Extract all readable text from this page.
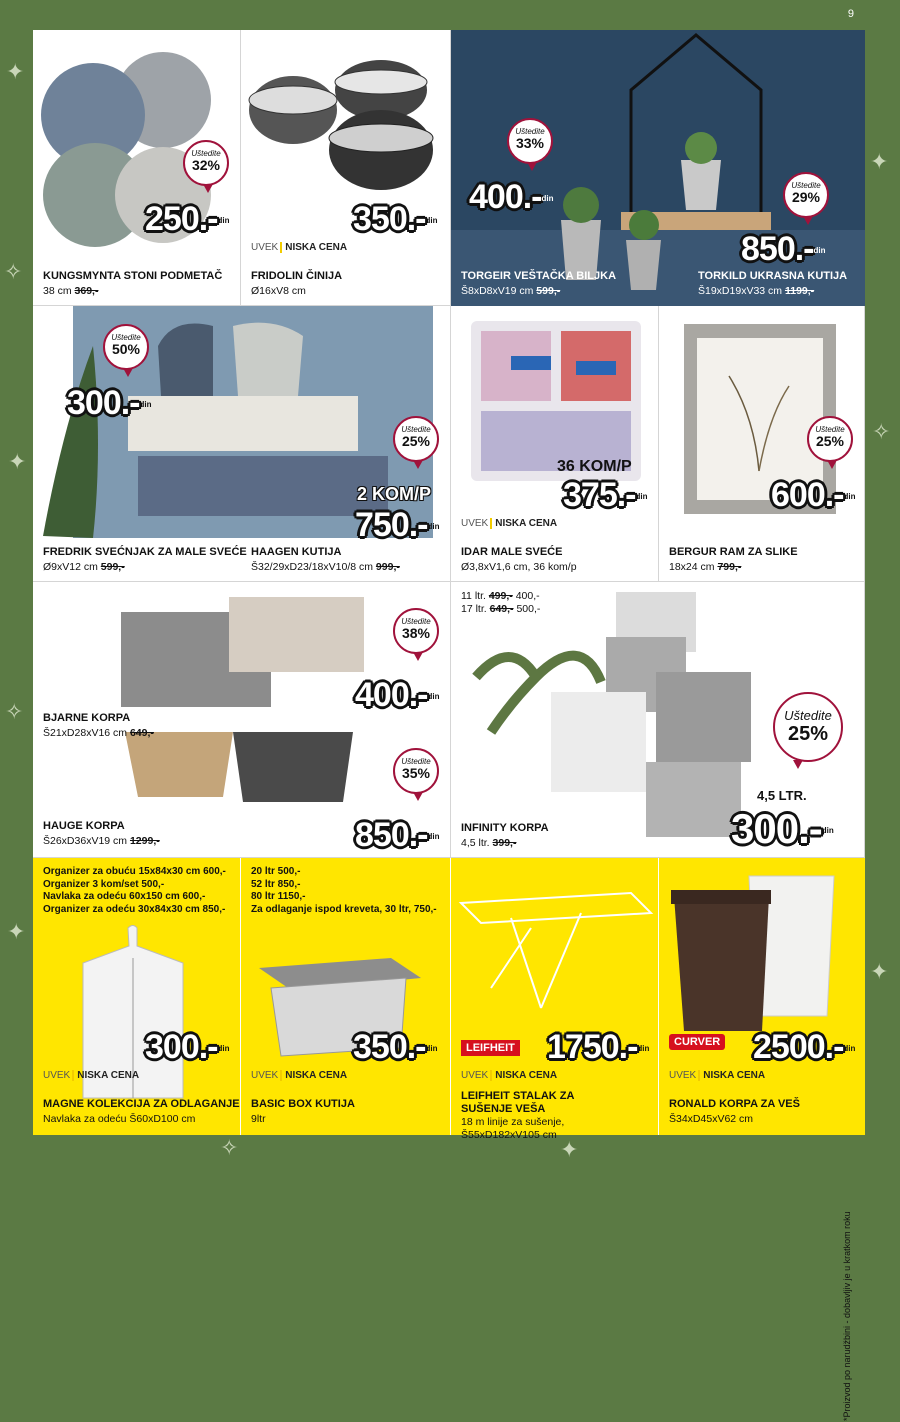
✦
✧
✦
✧
✦
✦
✧
✦
✦
✧
9
Uštedite
32%
250.-$^{din}$
KUNGSMYNTA STONI PODMETAČ
38 cm 369,-
350.-$^{din}$
UVEK NISKA CENA
FRIDOLIN ČINIJA
Ø16xV8 cm
Uštedite
33%
400.-$^{din}$
Uštedite
29%
850.-$^{din}$
TORGEIR VEŠTAČKA BILJKA
Š8xD8xV19 cm 599,-
TORKILD UKRASNA KUTIJA
Š19xD19xV33 cm 1199,-
Uštedite
50%
300.-$^{din}$
Uštedite
25%
2 KOM/P
750.-$^{din}$
FREDRIK SVEĆNJAK ZA MALE SVEĆE
Ø9xV12 cm 599,-
HAAGEN KUTIJA
Š32/29xD23/18xV10/8 cm 999,-
36 KOM/P
375.-$^{din}$
UVEK NISKA CENA
IDAR MALE SVEĆE
Ø3,8xV1,6 cm, 36 kom/p
Uštedite
25%
600.-$^{din}$
BERGUR RAM ZA SLIKE
18x24 cm 799,-
Uštedite
38%
400.-$^{din}$
BJARNE KORPA
Š21xD28xV16 cm 649,-
Uštedite
35%
850.-$^{din}$
HAUGE KORPA
Š26xD36xV19 cm 1299,-
11 ltr. 499,- 400,-
17 ltr. 649,- 500,-
Uštedite
25%
4,5 LTR.
300.-$^{din}$
INFINITY KORPA
4,5 ltr. 399,-
*Proizvod po narudžbini - dobavljiv je u kratkom roku
Organizer za obuću 15x84x30 cm 600,-
Organizer 3 kom/set 500,-
Navlaka za odeću 60x150 cm 600,-
Organizer za odeću 30x84x30 cm 850,-
300.-$^{din}$
UVEK NISKA CENA
MAGNE KOLEKCIJA ZA ODLAGANJE
Navlaka za odeću Š60xD100 cm
20 ltr 500,-
52 ltr 850,-
80 ltr 1150,-
Za odlaganje ispod kreveta, 30 ltr, 750,-
350.-$^{din}$
UVEK NISKA CENA
BASIC BOX KUTIJA
9ltr
LEIFHEIT 1750.-$^{din}$
UVEK NISKA CENA
LEIFHEIT STALAK ZA SUŠENJE VEŠA
18 m linije za sušenje,
Š55xD182xV105 cm
CURVER 2500.-$^{din}$
UVEK NISKA CENA
RONALD KORPA ZA VEŠ
Š34xD45xV62 cm
